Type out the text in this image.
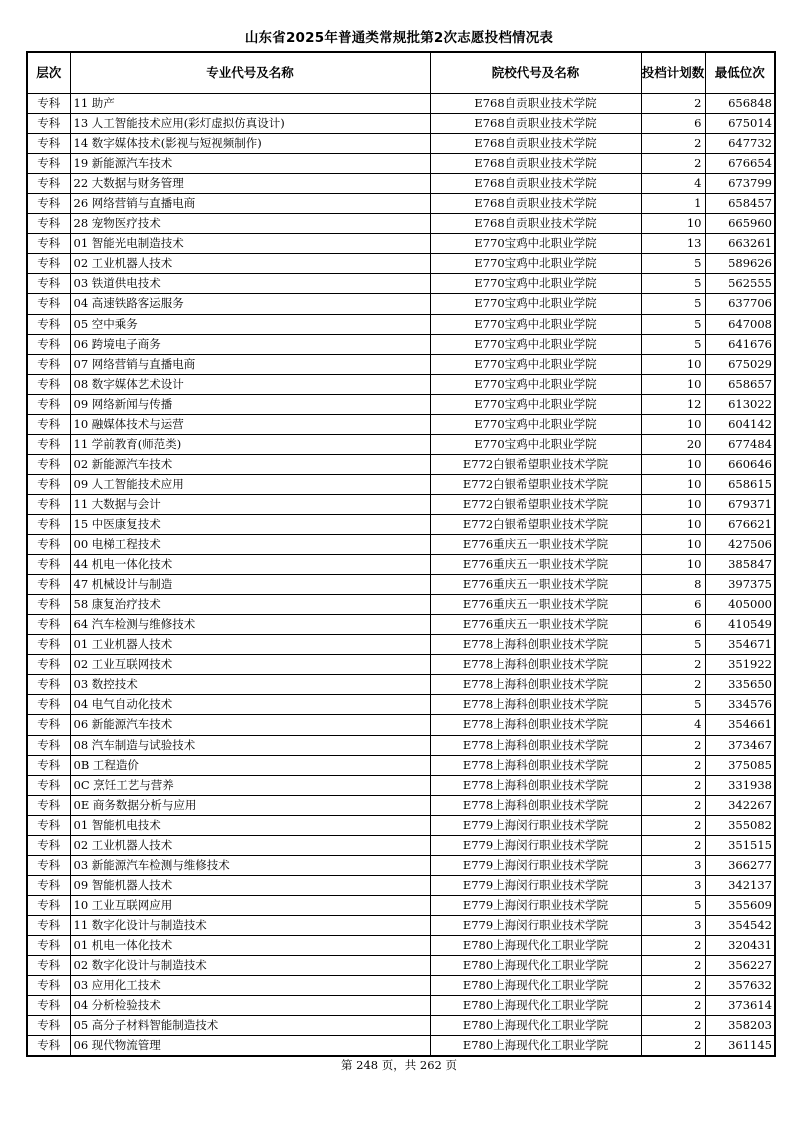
山东省2025年普通类常规批第2次志愿投档情况表
层次	专业代号及名称	院校代号及名称	投档计划数	最低位次
专科	11 助产	E768自贡职业技术学院	2	656848
专科	13 人工智能技术应用(彩灯虚拟仿真设计)	E768自贡职业技术学院	6	675014
专科	14 数字媒体技术(影视与短视频制作)	E768自贡职业技术学院	2	647732
专科	19 新能源汽车技术	E768自贡职业技术学院	2	676654
专科	22 大数据与财务管理	E768自贡职业技术学院	4	673799
专科	26 网络营销与直播电商	E768自贡职业技术学院	1	658457
专科	28 宠物医疗技术	E768自贡职业技术学院	10	665960
专科	01 智能光电制造技术	E770宝鸡中北职业学院	13	663261
专科	02 工业机器人技术	E770宝鸡中北职业学院	5	589626
专科	03 铁道供电技术	E770宝鸡中北职业学院	5	562555
专科	04 高速铁路客运服务	E770宝鸡中北职业学院	5	637706
专科	05 空中乘务	E770宝鸡中北职业学院	5	647008
专科	06 跨境电子商务	E770宝鸡中北职业学院	5	641676
专科	07 网络营销与直播电商	E770宝鸡中北职业学院	10	675029
专科	08 数字媒体艺术设计	E770宝鸡中北职业学院	10	658657
专科	09 网络新闻与传播	E770宝鸡中北职业学院	12	613022
专科	10 融媒体技术与运营	E770宝鸡中北职业学院	10	604142
专科	11 学前教育(师范类)	E770宝鸡中北职业学院	20	677484
专科	02 新能源汽车技术	E772白银希望职业技术学院	10	660646
专科	09 人工智能技术应用	E772白银希望职业技术学院	10	658615
专科	11 大数据与会计	E772白银希望职业技术学院	10	679371
专科	15 中医康复技术	E772白银希望职业技术学院	10	676621
专科	00 电梯工程技术	E776重庆五一职业技术学院	10	427506
专科	44 机电一体化技术	E776重庆五一职业技术学院	10	385847
专科	47 机械设计与制造	E776重庆五一职业技术学院	8	397375
专科	58 康复治疗技术	E776重庆五一职业技术学院	6	405000
专科	64 汽车检测与维修技术	E776重庆五一职业技术学院	6	410549
专科	01 工业机器人技术	E778上海科创职业技术学院	5	354671
专科	02 工业互联网技术	E778上海科创职业技术学院	2	351922
专科	03 数控技术	E778上海科创职业技术学院	2	335650
专科	04 电气自动化技术	E778上海科创职业技术学院	5	334576
专科	06 新能源汽车技术	E778上海科创职业技术学院	4	354661
专科	08 汽车制造与试验技术	E778上海科创职业技术学院	2	373467
专科	0B 工程造价	E778上海科创职业技术学院	2	375085
专科	0C 烹饪工艺与营养	E778上海科创职业技术学院	2	331938
专科	0E 商务数据分析与应用	E778上海科创职业技术学院	2	342267
专科	01 智能机电技术	E779上海闵行职业技术学院	2	355082
专科	02 工业机器人技术	E779上海闵行职业技术学院	2	351515
专科	03 新能源汽车检测与维修技术	E779上海闵行职业技术学院	3	366277
专科	09 智能机器人技术	E779上海闵行职业技术学院	3	342137
专科	10 工业互联网应用	E779上海闵行职业技术学院	5	355609
专科	11 数字化设计与制造技术	E779上海闵行职业技术学院	3	354542
专科	01 机电一体化技术	E780上海现代化工职业学院	2	320431
专科	02 数字化设计与制造技术	E780上海现代化工职业学院	2	356227
专科	03 应用化工技术	E780上海现代化工职业学院	2	357632
专科	04 分析检验技术	E780上海现代化工职业学院	2	373614
专科	05 高分子材料智能制造技术	E780上海现代化工职业学院	2	358203
专科	06 现代物流管理	E780上海现代化工职业学院	2	361145
第 248 页，共 262 页
